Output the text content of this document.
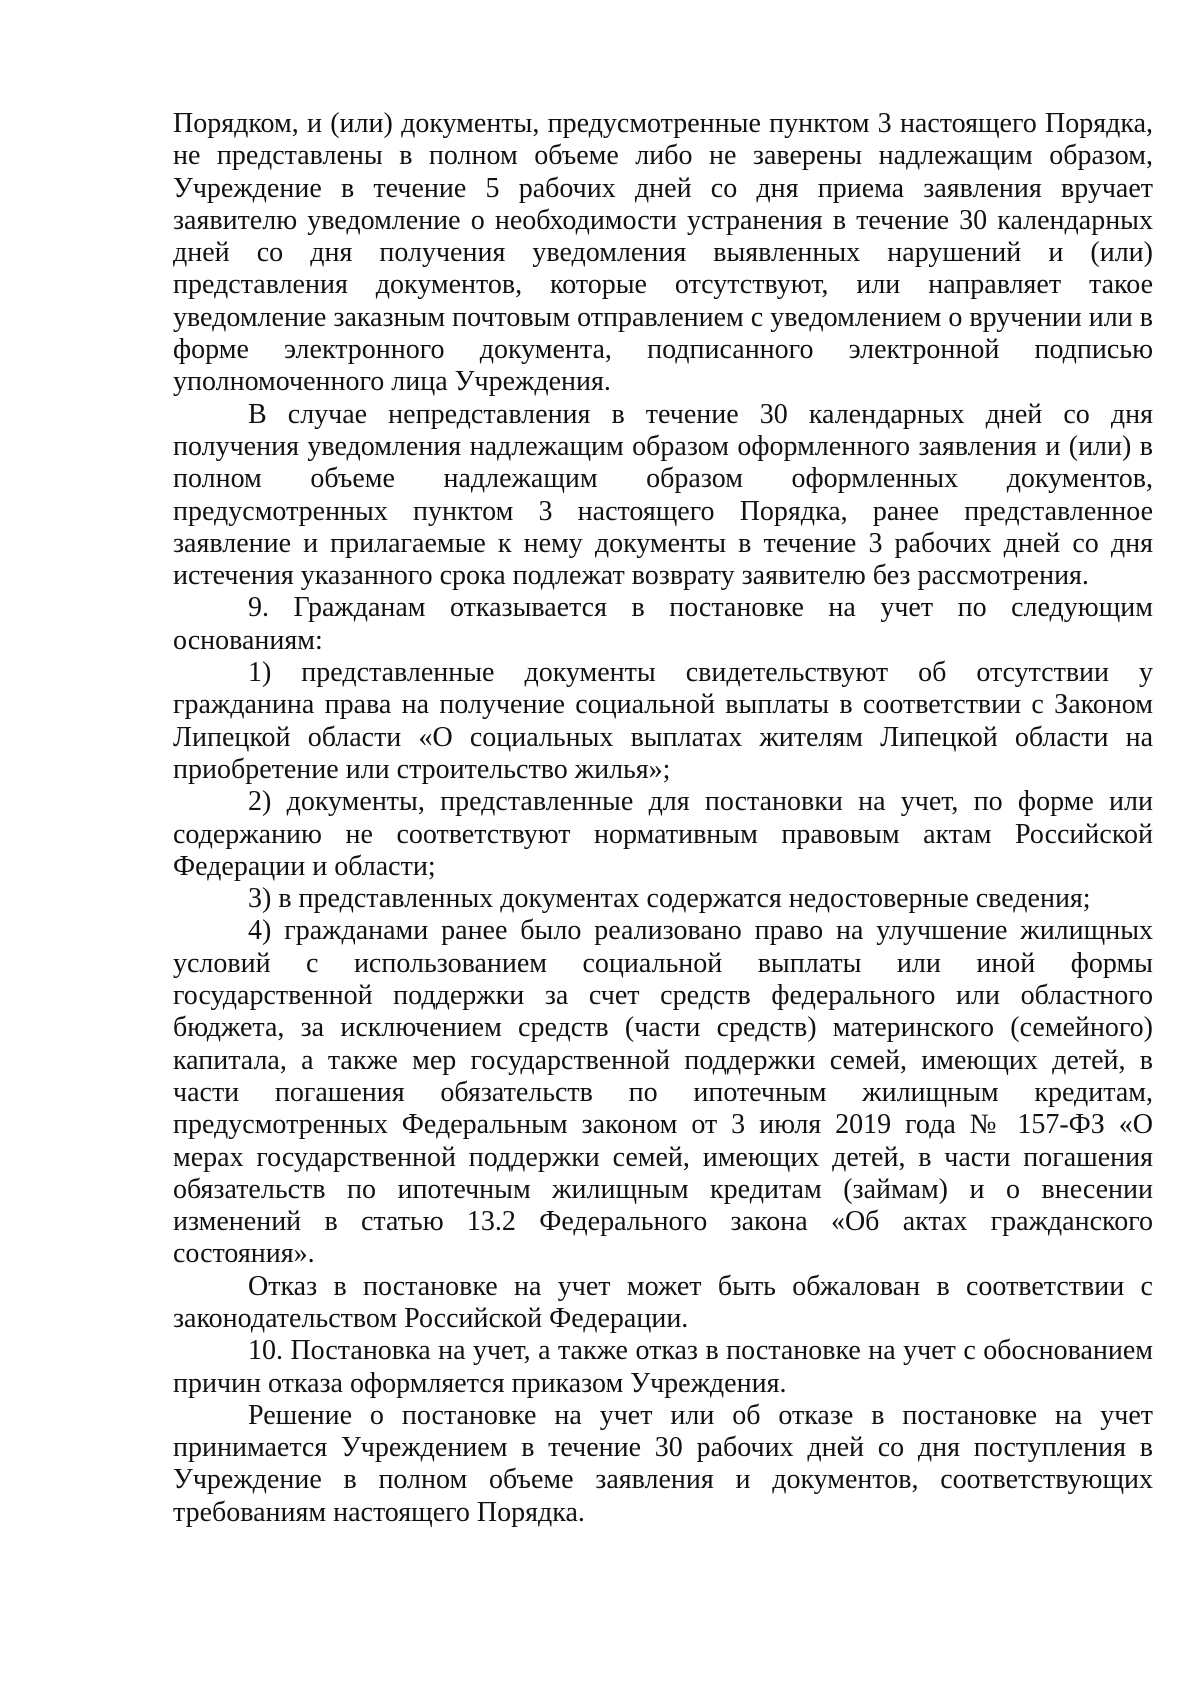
Порядком, и (или) документы, предусмотренные пунктом 3 настоящего Порядка, не представлены в полном объеме либо не заверены надлежащим образом, Учреждение в течение 5 рабочих дней со дня приема заявления вручает заявителю уведомление о необходимости устранения в течение 30 календарных дней со дня получения уведомления выявленных нарушений и (или) представления документов, которые отсутствуют, или направляет такое уведомление заказным почтовым отправлением с уведомлением о вручении или в форме электронного документа, подписанного электронной подписью уполномоченного лица Учреждения.

В случае непредставления в течение 30 календарных дней со дня получения уведомления надлежащим образом оформленного заявления и (или) в полном объеме надлежащим образом оформленных документов, предусмотренных пунктом 3 настоящего Порядка, ранее представленное заявление и прилагаемые к нему документы в течение 3 рабочих дней со дня истечения указанного срока подлежат возврату заявителю без рассмотрения.

9. Гражданам отказывается в постановке на учет по следующим основаниям:

1) представленные документы свидетельствуют об отсутствии у гражданина права на получение социальной выплаты в соответствии с Законом Липецкой области «О социальных выплатах жителям Липецкой области на приобретение или строительство жилья»;

2) документы, представленные для постановки на учет, по форме или содержанию не соответствуют нормативным правовым актам Российской Федерации и области;

3) в представленных документах содержатся недостоверные сведения;

4) гражданами ранее было реализовано право на улучшение жилищных условий с использованием социальной выплаты или иной формы государственной поддержки за счет средств федерального или областного бюджета, за исключением средств (части средств) материнского (семейного) капитала, а также мер государственной поддержки семей, имеющих детей, в части погашения обязательств по ипотечным жилищным кредитам, предусмотренных Федеральным законом от 3 июля 2019 года № 157-ФЗ «О мерах государственной поддержки семей, имеющих детей, в части погашения обязательств по ипотечным жилищным кредитам (займам) и о внесении изменений в статью 13.2 Федерального закона «Об актах гражданского состояния».

Отказ в постановке на учет может быть обжалован в соответствии с законодательством Российской Федерации.

10. Постановка на учет, а также отказ в постановке на учет с обоснованием причин отказа оформляется приказом Учреждения.

Решение о постановке на учет или об отказе в постановке на учет принимается Учреждением в течение 30 рабочих дней со дня поступления в Учреждение в полном объеме заявления и документов, соответствующих требованиям настоящего Порядка.
